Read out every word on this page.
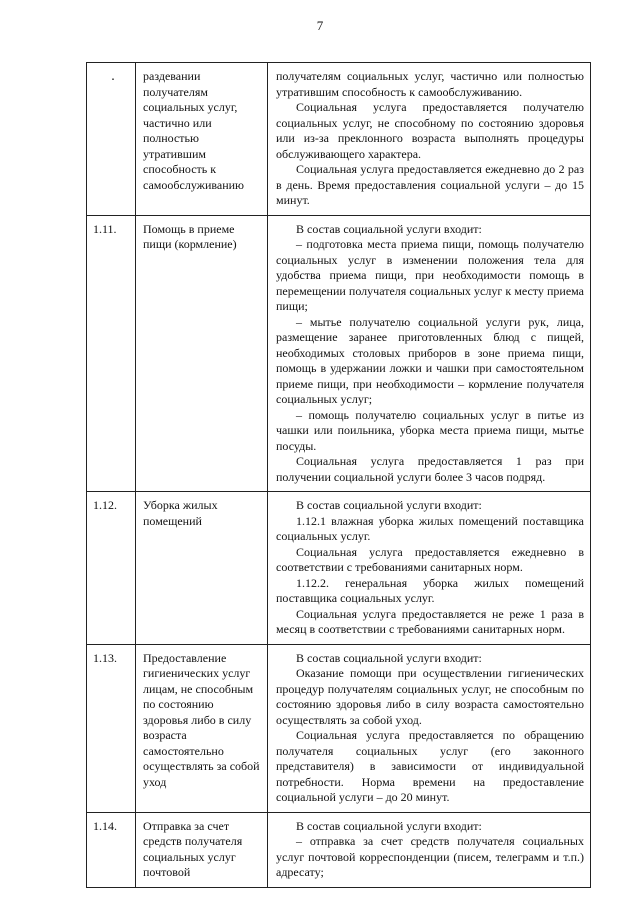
7
.	раздевании получателям социальных услуг, частично или полностью утратившим способность к самообслуживанию	получателям социальных услуг, частично или полностью утратившим способность к самообслуживанию.

Социальная услуга предоставляется получателю социальных услуг, не способному по состоянию здоровья или из-за преклонного возраста выполнять процедуры обслуживающего характера.

Социальная услуга предоставляется ежедневно до 2 раз в день. Время предоставления социальной услуги – до 15 минут.

1.11.	Помощь в приеме пищи (кормление)	В состав социальной услуги входит:

– подготовка места приема пищи, помощь получателю социальных услуг в изменении положения тела для удобства приема пищи, при необходимости помощь в перемещении получателя социальных услуг к месту приема пищи;

– мытье получателю социальной услуги рук, лица, размещение заранее приготовленных блюд с пищей, необходимых столовых приборов в зоне приема пищи, помощь в удержании ложки и чашки при самостоятельном приеме пищи, при необходимости – кормление получателя социальных услуг;

– помощь получателю социальных услуг в питье из чашки или поильника, уборка места приема пищи, мытье посуды.

Социальная услуга предоставляется 1 раз при получении социальной услуги более 3 часов подряд.

1.12.	Уборка жилых помещений	В состав социальной услуги входит:

1.12.1 влажная уборка жилых помещений поставщика социальных услуг.

Социальная услуга предоставляется ежедневно в соответствии с требованиями санитарных норм.

1.12.2. генеральная уборка жилых помещений поставщика социальных услуг.

Социальная услуга предоставляется не реже 1 раза в месяц в соответствии с требованиями санитарных норм.

1.13.	Предоставление гигиенических услуг лицам, не способным по состоянию здоровья либо в силу возраста самостоятельно осуществлять за собой уход	В состав социальной услуги входит:

Оказание помощи при осуществлении гигиенических процедур получателям социальных услуг, не способным по состоянию здоровья либо в силу возраста самостоятельно осуществлять за собой уход.

Социальная услуга предоставляется по обращению получателя социальных услуг (его законного представителя) в зависимости от индивидуальной потребности. Норма времени на предоставление социальной услуги – до 20 минут.

1.14.	Отправка за счет средств получателя социальных услуг почтовой	В состав социальной услуги входит:

– отправка за счет средств получателя социальных услуг почтовой корреспонденции (писем, телеграмм и т.п.) адресату;
